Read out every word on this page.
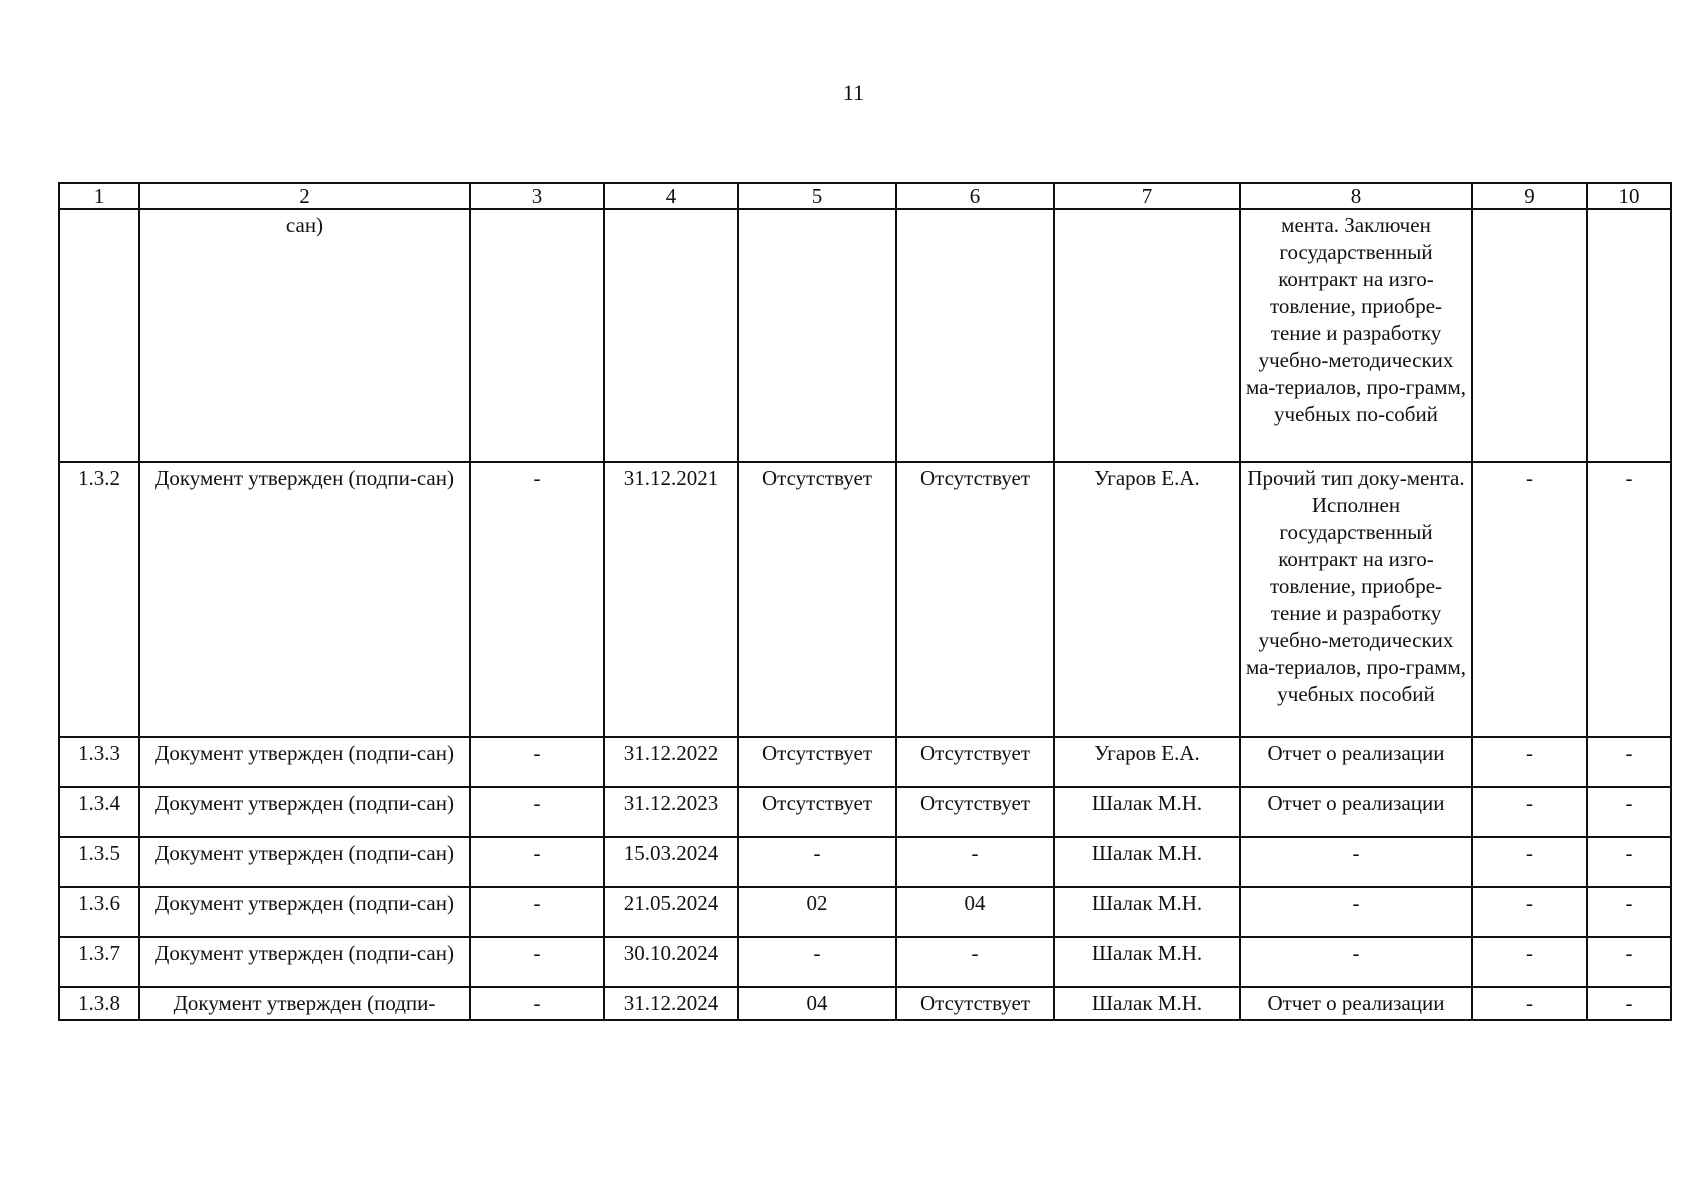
11
1	2	3	4	5	6	7	8	9	10
	сан)						мента. Заключен государственный контракт на изго-товление, приобре-тение и разработку учебно-методических ма-териалов, про-грамм, учебных по-собий		
1.3.2	Документ утвержден (подпи-сан)	-	31.12.2021	Отсутствует	Отсутствует	Угаров Е.А.	Прочий тип доку-мента. Исполнен государственный контракт на изго-товление, приобре-тение и разработку учебно-методических ма-териалов, про-грамм, учебных пособий	-	-
1.3.3	Документ утвержден (подпи-сан)	-	31.12.2022	Отсутствует	Отсутствует	Угаров Е.А.	Отчет о реализации	-	-
1.3.4	Документ утвержден (подпи-сан)	-	31.12.2023	Отсутствует	Отсутствует	Шалак М.Н.	Отчет о реализации	-	-
1.3.5	Документ утвержден (подпи-сан)	-	15.03.2024	-	-	Шалак М.Н.	-	-	-
1.3.6	Документ утвержден (подпи-сан)	-	21.05.2024	02	04	Шалак М.Н.	-	-	-
1.3.7	Документ утвержден (подпи-сан)	-	30.10.2024	-	-	Шалак М.Н.	-	-	-
1.3.8	Документ утвержден (подпи-	-	31.12.2024	04	Отсутствует	Шалак М.Н.	Отчет о реализации	-	-
